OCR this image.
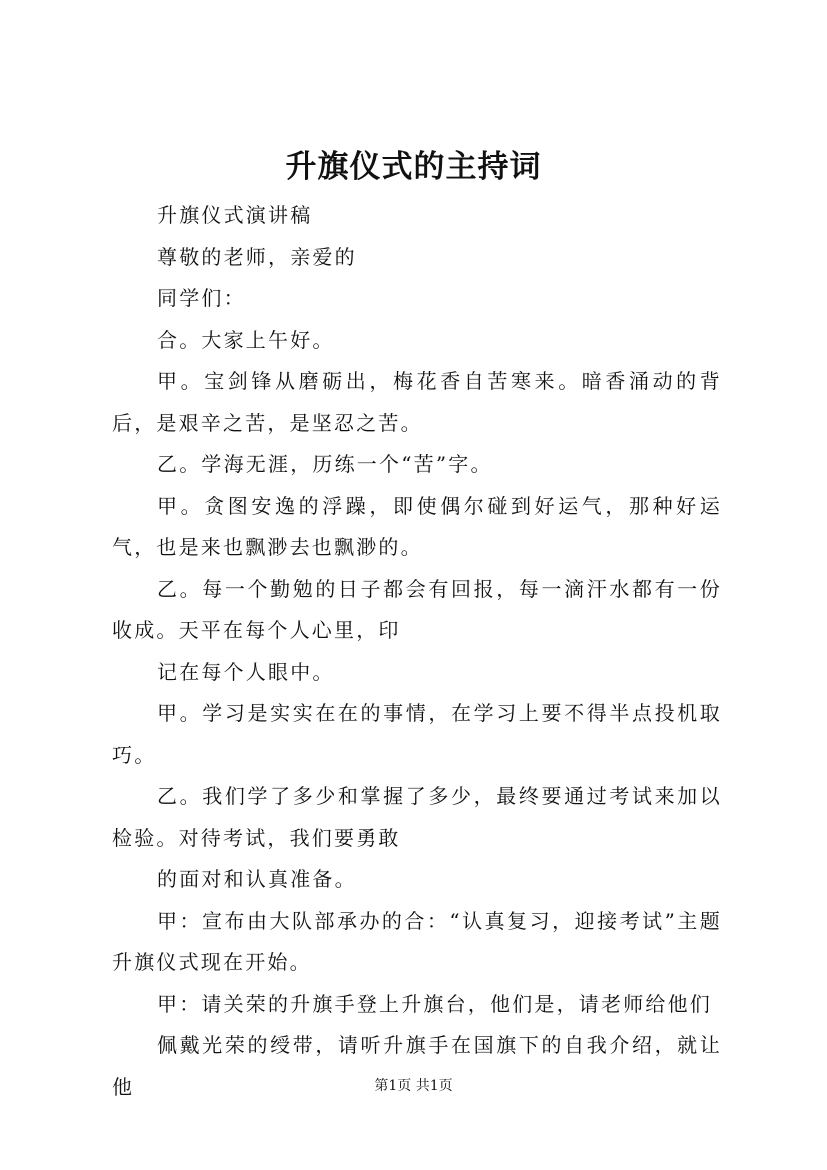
升旗仪式的主持词

升旗仪式演讲稿

尊敬的老师，亲爱的

同学们：

合。大家上午好。

甲。宝剑锋从磨砺出，梅花香自苦寒来。暗香涌动的背后，是艰辛之苦，是坚忍之苦。

乙。学海无涯，历练一个“苦”字。

甲。贪图安逸的浮躁，即使偶尔碰到好运气，那种好运气，也是来也飘渺去也飘渺的。

乙。每一个勤勉的日子都会有回报，每一滴汗水都有一份收成。天平在每个人心里，印

记在每个人眼中。

甲。学习是实实在在的事情，在学习上要不得半点投机取巧。

乙。我们学了多少和掌握了多少，最终要通过考试来加以检验。对待考试，我们要勇敢

的面对和认真准备。

甲：宣布由大队部承办的合：“认真复习，迎接考试”主题升旗仪式现在开始。

甲：请关荣的升旗手登上升旗台，他们是，请老师给他们

佩戴光荣的绶带，请听升旗手在国旗下的自我介绍，就让他	第1页 共1页
